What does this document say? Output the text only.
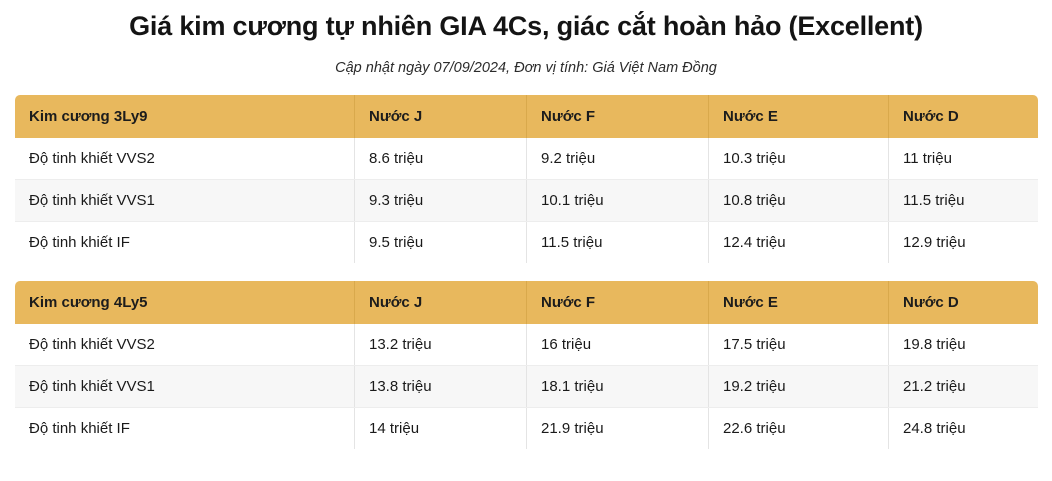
Giá kim cương tự nhiên GIA 4Cs, giác cắt hoàn hảo (Excellent)
Cập nhật ngày 07/09/2024, Đơn vị tính: Giá Việt Nam Đồng
Kim cương 3Ly9	Nước J	Nước F	Nước E	Nước D
Độ tinh khiết VVS2	8.6 triệu	9.2 triệu	10.3 triệu	11 triệu
Độ tinh khiết VVS1	9.3 triệu	10.1 triệu	10.8 triệu	11.5 triệu
Độ tinh khiết IF	9.5 triệu	11.5 triệu	12.4 triệu	12.9 triệu
Kim cương 4Ly5	Nước J	Nước F	Nước E	Nước D
Độ tinh khiết VVS2	13.2 triệu	16 triệu	17.5 triệu	19.8 triệu
Độ tinh khiết VVS1	13.8 triệu	18.1 triệu	19.2 triệu	21.2 triệu
Độ tinh khiết IF	14 triệu	21.9 triệu	22.6 triệu	24.8 triệu
